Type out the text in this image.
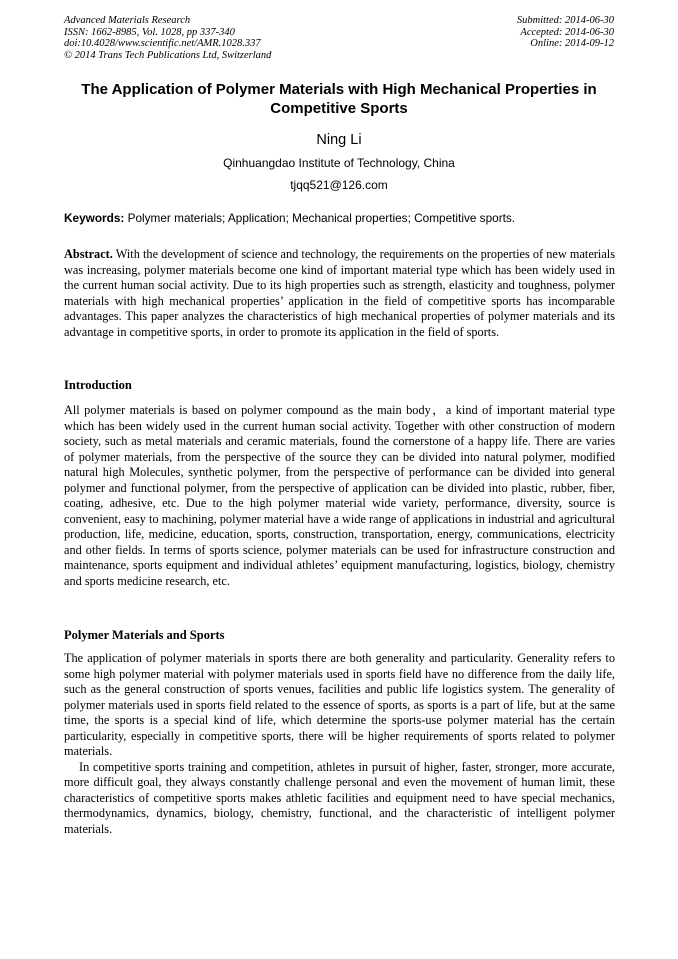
Advanced Materials Research
ISSN: 1662-8985, Vol. 1028, pp 337-340
doi:10.4028/www.scientific.net/AMR.1028.337
© 2014 Trans Tech Publications Ltd, Switzerland
Submitted: 2014-06-30
Accepted: 2014-06-30
Online: 2014-09-12
The Application of Polymer Materials with High Mechanical Properties in Competitive Sports
Ning Li
Qinhuangdao Institute of Technology, China
tjqq521@126.com
Keywords: Polymer materials; Application; Mechanical properties; Competitive sports.

Abstract. With the development of science and technology, the requirements on the properties of new materials was increasing, polymer materials become one kind of important material type which has been widely used in the current human social activity. Due to its high properties such as strength, elasticity and toughness, polymer materials with high mechanical properties’ application in the field of competitive sports has incomparable advantages. This paper analyzes the characteristics of high mechanical properties of polymer materials and its advantage in competitive sports, in order to promote its application in the field of sports.

Introduction

All polymer materials is based on polymer compound as the main body，a kind of important material type which has been widely used in the current human social activity. Together with other construction of modern society, such as metal materials and ceramic materials, found the cornerstone of a happy life. There are varies of polymer materials, from the perspective of the source they can be divided into natural polymer, modified natural high Molecules, synthetic polymer, from the perspective of performance can be divided into general polymer and functional polymer, from the perspective of application can be divided into plastic, rubber, fiber, coating, adhesive, etc. Due to the high polymer material wide variety, performance, diversity, source is convenient, easy to machining, polymer material have a wide range of applications in industrial and agricultural production, life, medicine, education, sports, construction, transportation, energy, communications, electricity and other fields. In terms of sports science, polymer materials can be used for infrastructure construction and maintenance, sports equipment and individual athletes’ equipment manufacturing, logistics, biology, chemistry and sports medicine research, etc.

Polymer Materials and Sports

The application of polymer materials in sports there are both generality and particularity. Generality refers to some high polymer material with polymer materials used in sports field have no difference from the daily life, such as the general construction of sports venues, facilities and public life logistics system. The generality of polymer materials used in sports field related to the essence of sports, as sports is a part of life, but at the same time, the sports is a special kind of life, which determine the sports-use polymer material has the certain particularity, especially in competitive sports, there will be higher requirements of sports related to polymer materials.

In competitive sports training and competition, athletes in pursuit of higher, faster, stronger, more accurate, more difficult goal, they always constantly challenge personal and even the movement of human limit, these characteristics of competitive sports makes athletic facilities and equipment need to have special mechanics, thermodynamics, dynamics, biology, chemistry, functional, and the characteristic of intelligent polymer materials.
